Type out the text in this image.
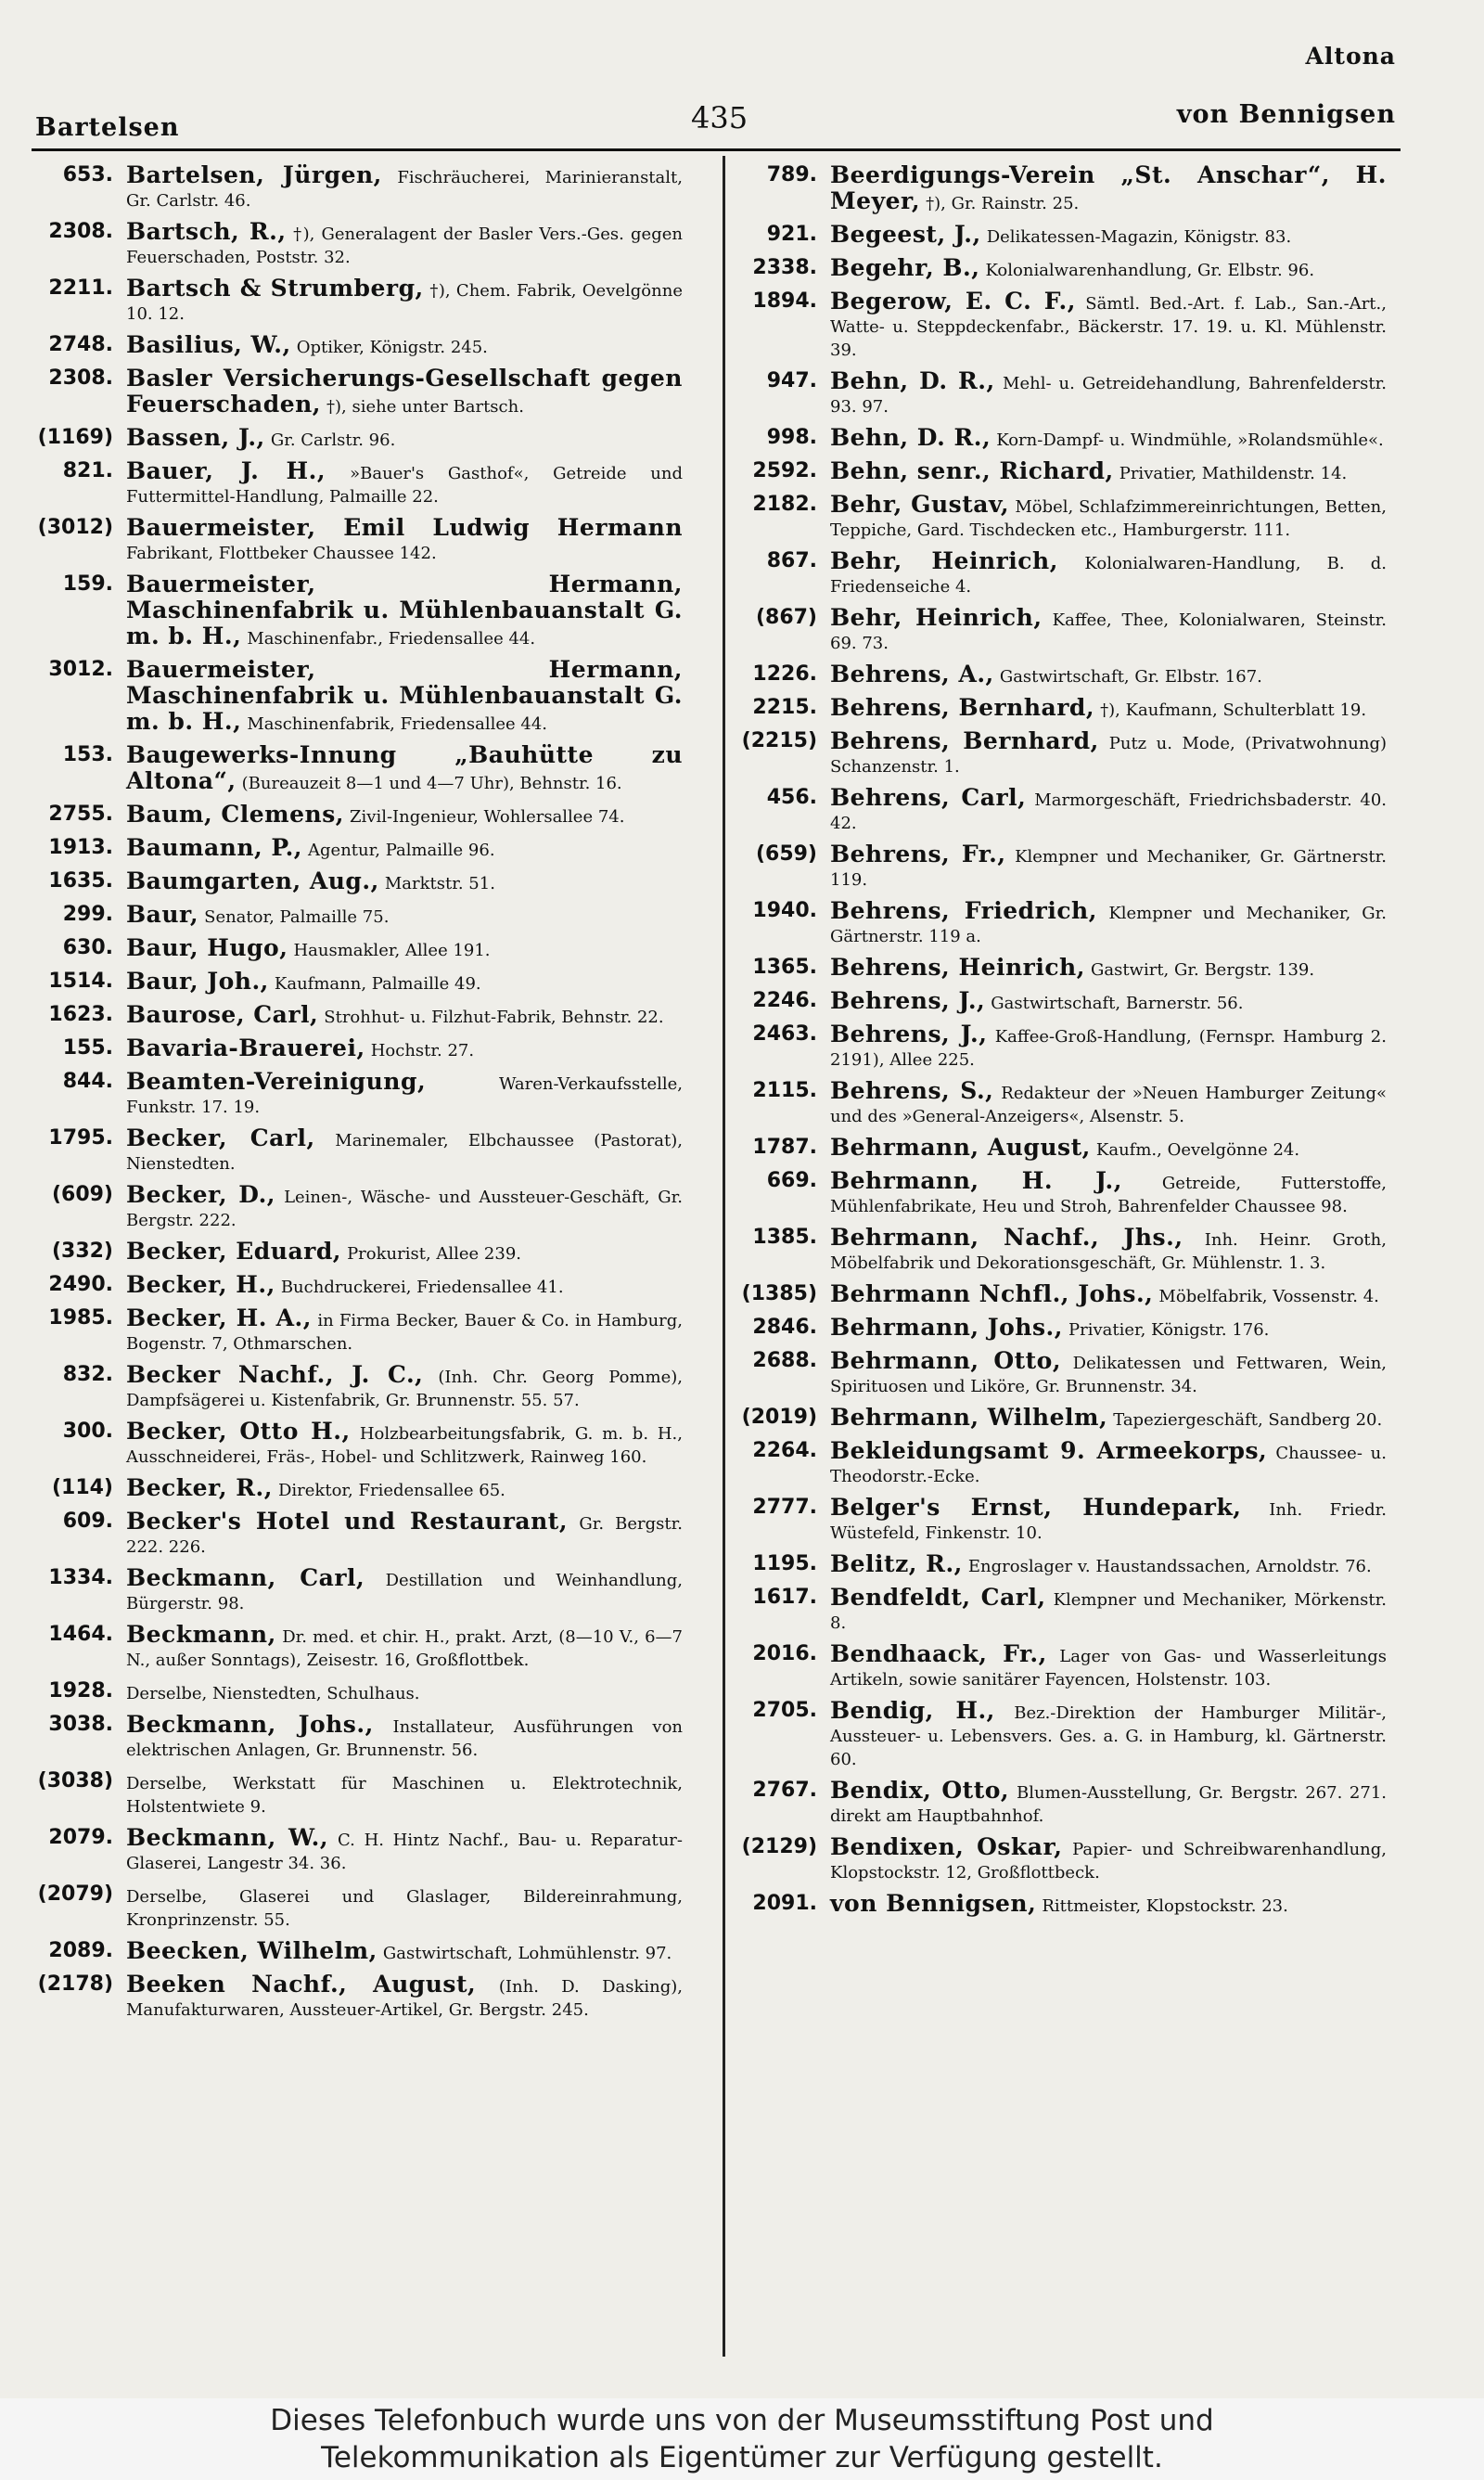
Altona
Bartelsen	435	von Bennigsen
653. Bartelsen, Jürgen, Fischräucherei, Marinieranstalt, Gr. Carlstr. 46.
2308. Bartsch, R., †), Generalagent der Basler Vers.-Ges. gegen Feuerschaden, Poststr. 32.
2211. Bartsch & Strumberg, †), Chem. Fabrik, Oevelgönne 10. 12.
2748. Basilius, W., Optiker, Königstr. 245.
2308. Basler Versicherungs-Gesellschaft gegen Feuerschaden, †), siehe unter Bartsch.
(1169) Bassen, J., Gr. Carlstr. 96.
821. Bauer, J. H., »Bauer's Gasthof«, Getreide und Futtermittel-Handlung, Palmaille 22.
(3012) Bauermeister, Emil Ludwig Hermann Fabrikant, Flottbeker Chaussee 142.
159. Bauermeister, Hermann, Maschinenfabrik u. Mühlenbauanstalt G. m. b. H., Maschinenfabr., Friedensallee 44.
3012. Bauermeister, Hermann, Maschinenfabrik u. Mühlenbauanstalt G. m. b. H., Maschinenfabrik, Friedensallee 44.
153. Baugewerks-Innung „Bauhütte zu Altona“, (Bureauzeit 8—1 und 4—7 Uhr), Behnstr. 16.
2755. Baum, Clemens, Zivil-Ingenieur, Wohlersallee 74.
1913. Baumann, P., Agentur, Palmaille 96.
1635. Baumgarten, Aug., Marktstr. 51.
299. Baur, Senator, Palmaille 75.
630. Baur, Hugo, Hausmakler, Allee 191.
1514. Baur, Joh., Kaufmann, Palmaille 49.
1623. Baurose, Carl, Strohhut- u. Filzhut-Fabrik, Behnstr. 22.
155. Bavaria-Brauerei, Hochstr. 27.
844. Beamten-Vereinigung,	Waren-Verkaufsstelle, Funkstr. 17. 19.
1795. Becker, Carl, Marinemaler, Elbchaussee (Pastorat), Nienstedten.
(609) Becker, D., Leinen-, Wäsche- und Aussteuer-Geschäft, Gr. Bergstr. 222.
(332) Becker, Eduard, Prokurist, Allee 239.
2490. Becker, H., Buchdruckerei, Friedensallee 41.
1985. Becker, H. A., in Firma Becker, Bauer & Co. in Hamburg, Bogenstr. 7, Othmarschen.
832. Becker Nachf., J. C., (Inh. Chr. Georg Pomme), Dampfsägerei u. Kistenfabrik, Gr. Brunnenstr. 55. 57.
300. Becker, Otto H., Holzbearbeitungsfabrik, G. m. b. H., Ausschneiderei, Fräs-, Hobel- und Schlitzwerk, Rainweg 160.
(114) Becker, R., Direktor, Friedensallee 65.
609. Becker's Hotel und Restaurant, Gr. Bergstr. 222. 226.
1334. Beckmann, Carl, Destillation und Weinhandlung, Bürgerstr. 98.
1464. Beckmann, Dr. med. et chir. H., prakt. Arzt, (8—10 V., 6—7 N., außer Sonntags), Zeisestr. 16, Großflottbek.
1928. Derselbe, Nienstedten, Schulhaus.
3038. Beckmann, Johs., Installateur, Ausführungen von elektrischen Anlagen, Gr. Brunnenstr. 56.
(3038) Derselbe, Werkstatt für Maschinen u. Elektrotechnik, Holstentwiete 9.
2079. Beckmann, W., C. H. Hintz Nachf., Bau- u. Reparatur-Glaserei, Langestr 34. 36.
(2079) Derselbe, Glaserei und Glaslager, Bildereinrahmung, Kronprinzenstr. 55.
2089. Beecken, Wilhelm, Gastwirtschaft, Lohmühlenstr. 97.
(2178) Beeken Nachf., August, (Inh. D. Dasking), Manufakturwaren, Aussteuer-Artikel, Gr. Bergstr. 245.
789. Beerdigungs-Verein „St. Anschar“, H. Meyer, †), Gr. Rainstr. 25.
921. Begeest, J., Delikatessen-Magazin, Königstr. 83.
2338. Begehr, B., Kolonialwarenhandlung, Gr. Elbstr. 96.
1894. Begerow, E. C. F., Sämtl. Bed.-Art. f. Lab., San.-Art., Watte- u. Steppdeckenfabr., Bäckerstr. 17. 19. u. Kl. Mühlenstr. 39.
947. Behn, D. R., Mehl- u. Getreidehandlung, Bahrenfelderstr. 93. 97.
998. Behn, D. R., Korn-Dampf- u. Windmühle, »Rolandsmühle«.
2592. Behn, senr., Richard, Privatier, Mathildenstr. 14.
2182. Behr, Gustav, Möbel, Schlafzimmereinrichtungen, Betten, Teppiche, Gard. Tischdecken etc., Hamburgerstr. 111.
867. Behr, Heinrich, Kolonialwaren-Handlung, B. d. Friedenseiche 4.
(867) Behr, Heinrich, Kaffee, Thee, Kolonialwaren, Steinstr. 69. 73.
1226. Behrens, A., Gastwirtschaft, Gr. Elbstr. 167.
2215. Behrens, Bernhard, †), Kaufmann, Schulterblatt 19.
(2215) Behrens, Bernhard, Putz u. Mode, (Privatwohnung) Schanzenstr. 1.
456. Behrens, Carl, Marmorgeschäft, Friedrichsbaderstr. 40. 42.
(659) Behrens, Fr., Klempner und Mechaniker, Gr. Gärtnerstr. 119.
1940. Behrens, Friedrich, Klempner und Mechaniker, Gr. Gärtnerstr. 119 a.
1365. Behrens, Heinrich, Gastwirt, Gr. Bergstr. 139.
2246. Behrens, J., Gastwirtschaft, Barnerstr. 56.
2463. Behrens, J., Kaffee-Groß-Handlung, (Fernspr. Hamburg 2. 2191), Allee 225.
2115. Behrens, S., Redakteur der »Neuen Hamburger Zeitung« und des »General-Anzeigers«, Alsenstr. 5.
1787. Behrmann, August, Kaufm., Oevelgönne 24.
669. Behrmann, H. J., Getreide, Futterstoffe, Mühlenfabrikate, Heu und Stroh, Bahrenfelder Chaussee 98.
1385. Behrmann, Nachf., Jhs., Inh. Heinr. Groth, Möbelfabrik und Dekorationsgeschäft, Gr. Mühlenstr. 1. 3.
(1385) Behrmann Nchfl., Johs., Möbelfabrik, Vossenstr. 4.
2846. Behrmann, Johs., Privatier, Königstr. 176.
2688. Behrmann, Otto, Delikatessen und Fettwaren, Wein, Spirituosen und Liköre, Gr. Brunnenstr. 34.
(2019) Behrmann, Wilhelm, Tapeziergeschäft, Sandberg 20.
2264. Bekleidungsamt 9. Armeekorps, Chaussee- u. Theodorstr.-Ecke.
2777. Belger's Ernst, Hundepark, Inh. Friedr. Wüstefeld, Finkenstr. 10.
1195. Belitz, R., Engroslager v. Haustandssachen, Arnoldstr. 76.
1617. Bendfeldt, Carl, Klempner und Mechaniker, Mörkenstr. 8.
2016. Bendhaack, Fr., Lager von Gas- und Wasserleitungs Artikeln, sowie sanitärer Fayencen, Holstenstr. 103.
2705. Bendig, H., Bez.-Direktion der Hamburger Militär-, Aussteuer- u. Lebensvers. Ges. a. G. in Hamburg, kl. Gärtnerstr. 60.
2767. Bendix, Otto, Blumen-Ausstellung, Gr. Bergstr. 267. 271. direkt am Hauptbahnhof.
(2129) Bendixen, Oskar, Papier- und Schreibwarenhandlung, Klopstockstr. 12, Großflottbeck.
2091. von Bennigsen, Rittmeister, Klopstockstr. 23.
Dieses Telefonbuch wurde uns von der Museumsstiftung Post und
Telekommunikation als Eigentümer zur Verfügung gestellt.
